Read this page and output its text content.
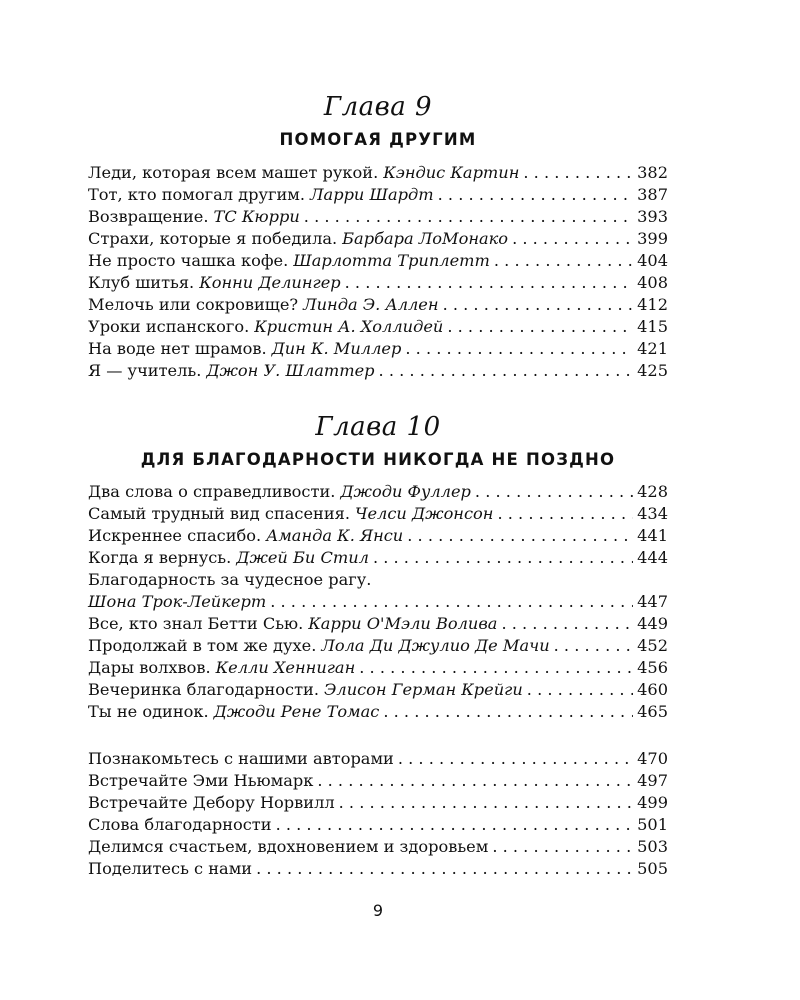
Глава 9
ПОМОГАЯ ДРУГИМ
Леди, которая всем машет рукой. Кэндис Картин . . .	382
Тот, кто помогал другим. Ларри Шардт . . .	387
Возвращение. ТС Кюрри . . .	393
Страхи, которые я победила. Барбара ЛоМонако . . .	399
Не просто чашка кофе. Шарлотта Триплетт . . .	404
Клуб шитья. Конни Делингер . . .	408
Мелочь или сокровище? Линда Э. Аллен . . .	412
Уроки испанского. Кристин А. Холлидей . . .	415
На воде нет шрамов. Дин К. Миллер . . .	421
Я — учитель. Джон У. Шлаттер . . .	425
Глава 10
ДЛЯ БЛАГОДАРНОСТИ НИКОГДА НЕ ПОЗДНО
Два слова о справедливости. Джоди Фуллер . . .	428
Самый трудный вид спасения. Челси Джонсон . . .	434
Искреннее спасибо. Аманда К. Янси . . .	441
Когда я вернусь. Джей Би Стил . . .	444
Благодарность за чудесное рагу.
Шона Трок-Лейкерт . . .	447
Все, кто знал Бетти Сью. Карри О'Мэли Волива . . .	449
Продолжай в том же духе. Лола Ди Джулио Де Мачи . . .	452
Дары волхвов. Келли Хенниган . . .	456
Вечеринка благодарности. Элисон Герман Крейги . . .	460
Ты не одинок. Джоди Рене Томас . . .	465
Познакомьтесь с нашими авторами . . .	470
Встречайте Эми Ньюмарк . . .	497
Встречайте Дебору Норвилл . . .	499
Слова благодарности . . .	501
Делимся счастьем, вдохновением и здоровьем . . .	503
Поделитесь с нами . . .	505
9
